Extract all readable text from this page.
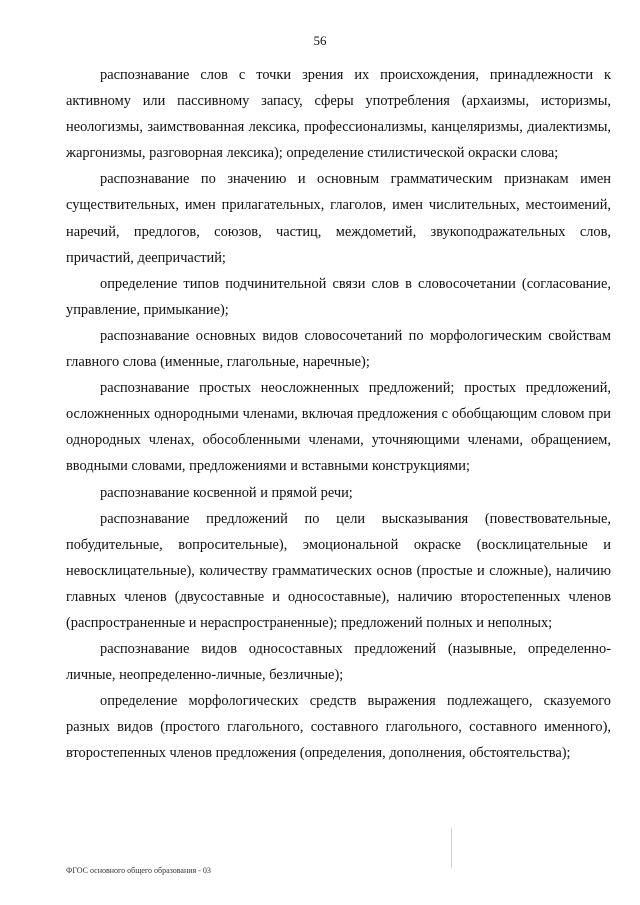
56

распознавание слов с точки зрения их происхождения, принадлежности к активному или пассивному запасу, сферы употребления (архаизмы, историзмы, неологизмы, заимствованная лексика, профессионализмы, канцеляризмы, диалектизмы, жаргонизмы, разговорная лексика); определение стилистической окраски слова;

распознавание по значению и основным грамматическим признакам имен существительных, имен прилагательных, глаголов, имен числительных, местоимений, наречий, предлогов, союзов, частиц, междометий, звукоподражательных слов, причастий, деепричастий;

определение типов подчинительной связи слов в словосочетании (согласование, управление, примыкание);

распознавание основных видов словосочетаний по морфологическим свойствам главного слова (именные, глагольные, наречные);

распознавание простых неосложненных предложений; простых предложений, осложненных однородными членами, включая предложения с обобщающим словом при однородных членах, обособленными членами, уточняющими членами, обращением, вводными словами, предложениями и вставными конструкциями;

распознавание косвенной и прямой речи;

распознавание предложений по цели высказывания (повествовательные, побудительные, вопросительные), эмоциональной окраске (восклицательные и невосклицательные), количеству грамматических основ (простые и сложные), наличию главных членов (двусоставные и односоставные), наличию второстепенных членов (распространенные и нераспространенные); предложений полных и неполных;

распознавание видов односоставных предложений (назывные, определенно-личные, неопределенно-личные, безличные);

определение морфологических средств выражения подлежащего, сказуемого разных видов (простого глагольного, составного глагольного, составного именного), второстепенных членов предложения (определения, дополнения, обстоятельства);

ФГОС основного общего образования - 03
